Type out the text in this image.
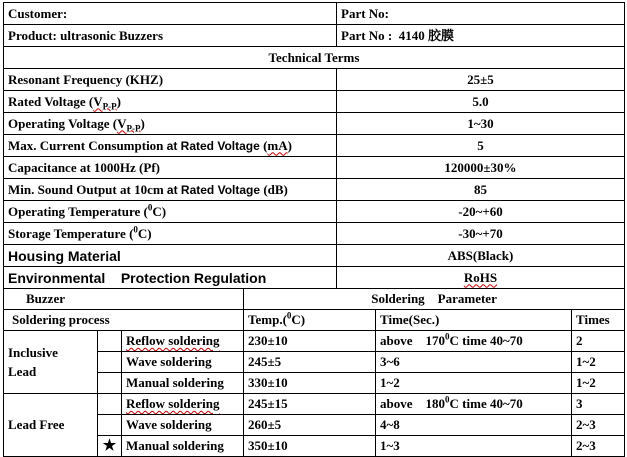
Customer:	Part No:
Product: ultrasonic Buzzers	Part No : 4140 胶膜
Technical Terms	
Resonant Frequency (KHZ)	25±5
Rated Voltage $(V_{P-P})$	5.0
Operating Voltage $(V_{P-P})$	1~30
Max. Current Consumption at Rated Voltage (mA)	5
Capacitance at 1000Hz (Pf)	120000±30%
Min. Sound Output at 10cm at Rated Voltage (dB)	85
Operating Temperature ($^0$C)	-20~+60
Storage Temperature ($^0$C)	-30~+70
Housing Material	ABS(Black)
Environmental Protection Regulation	RoHS
Buzzer			Soldering    Parameter		
Soldering process			Temp.($^0$C)	Time(Sec.)	Times
Inclusive
Lead		Reflow soldering	230±10	above    $170^0C$ time 40~70	2
		Wave soldering	245±5	3~6	1~2
		Manual soldering	330±10	1~2	1~2
Lead Free		Reflow soldering	245±15	above    $180^0C$ time 40~70	3
		Wave soldering	260±5	4~8	2~3
	★	Manual soldering	350±10	1~3	2~3
